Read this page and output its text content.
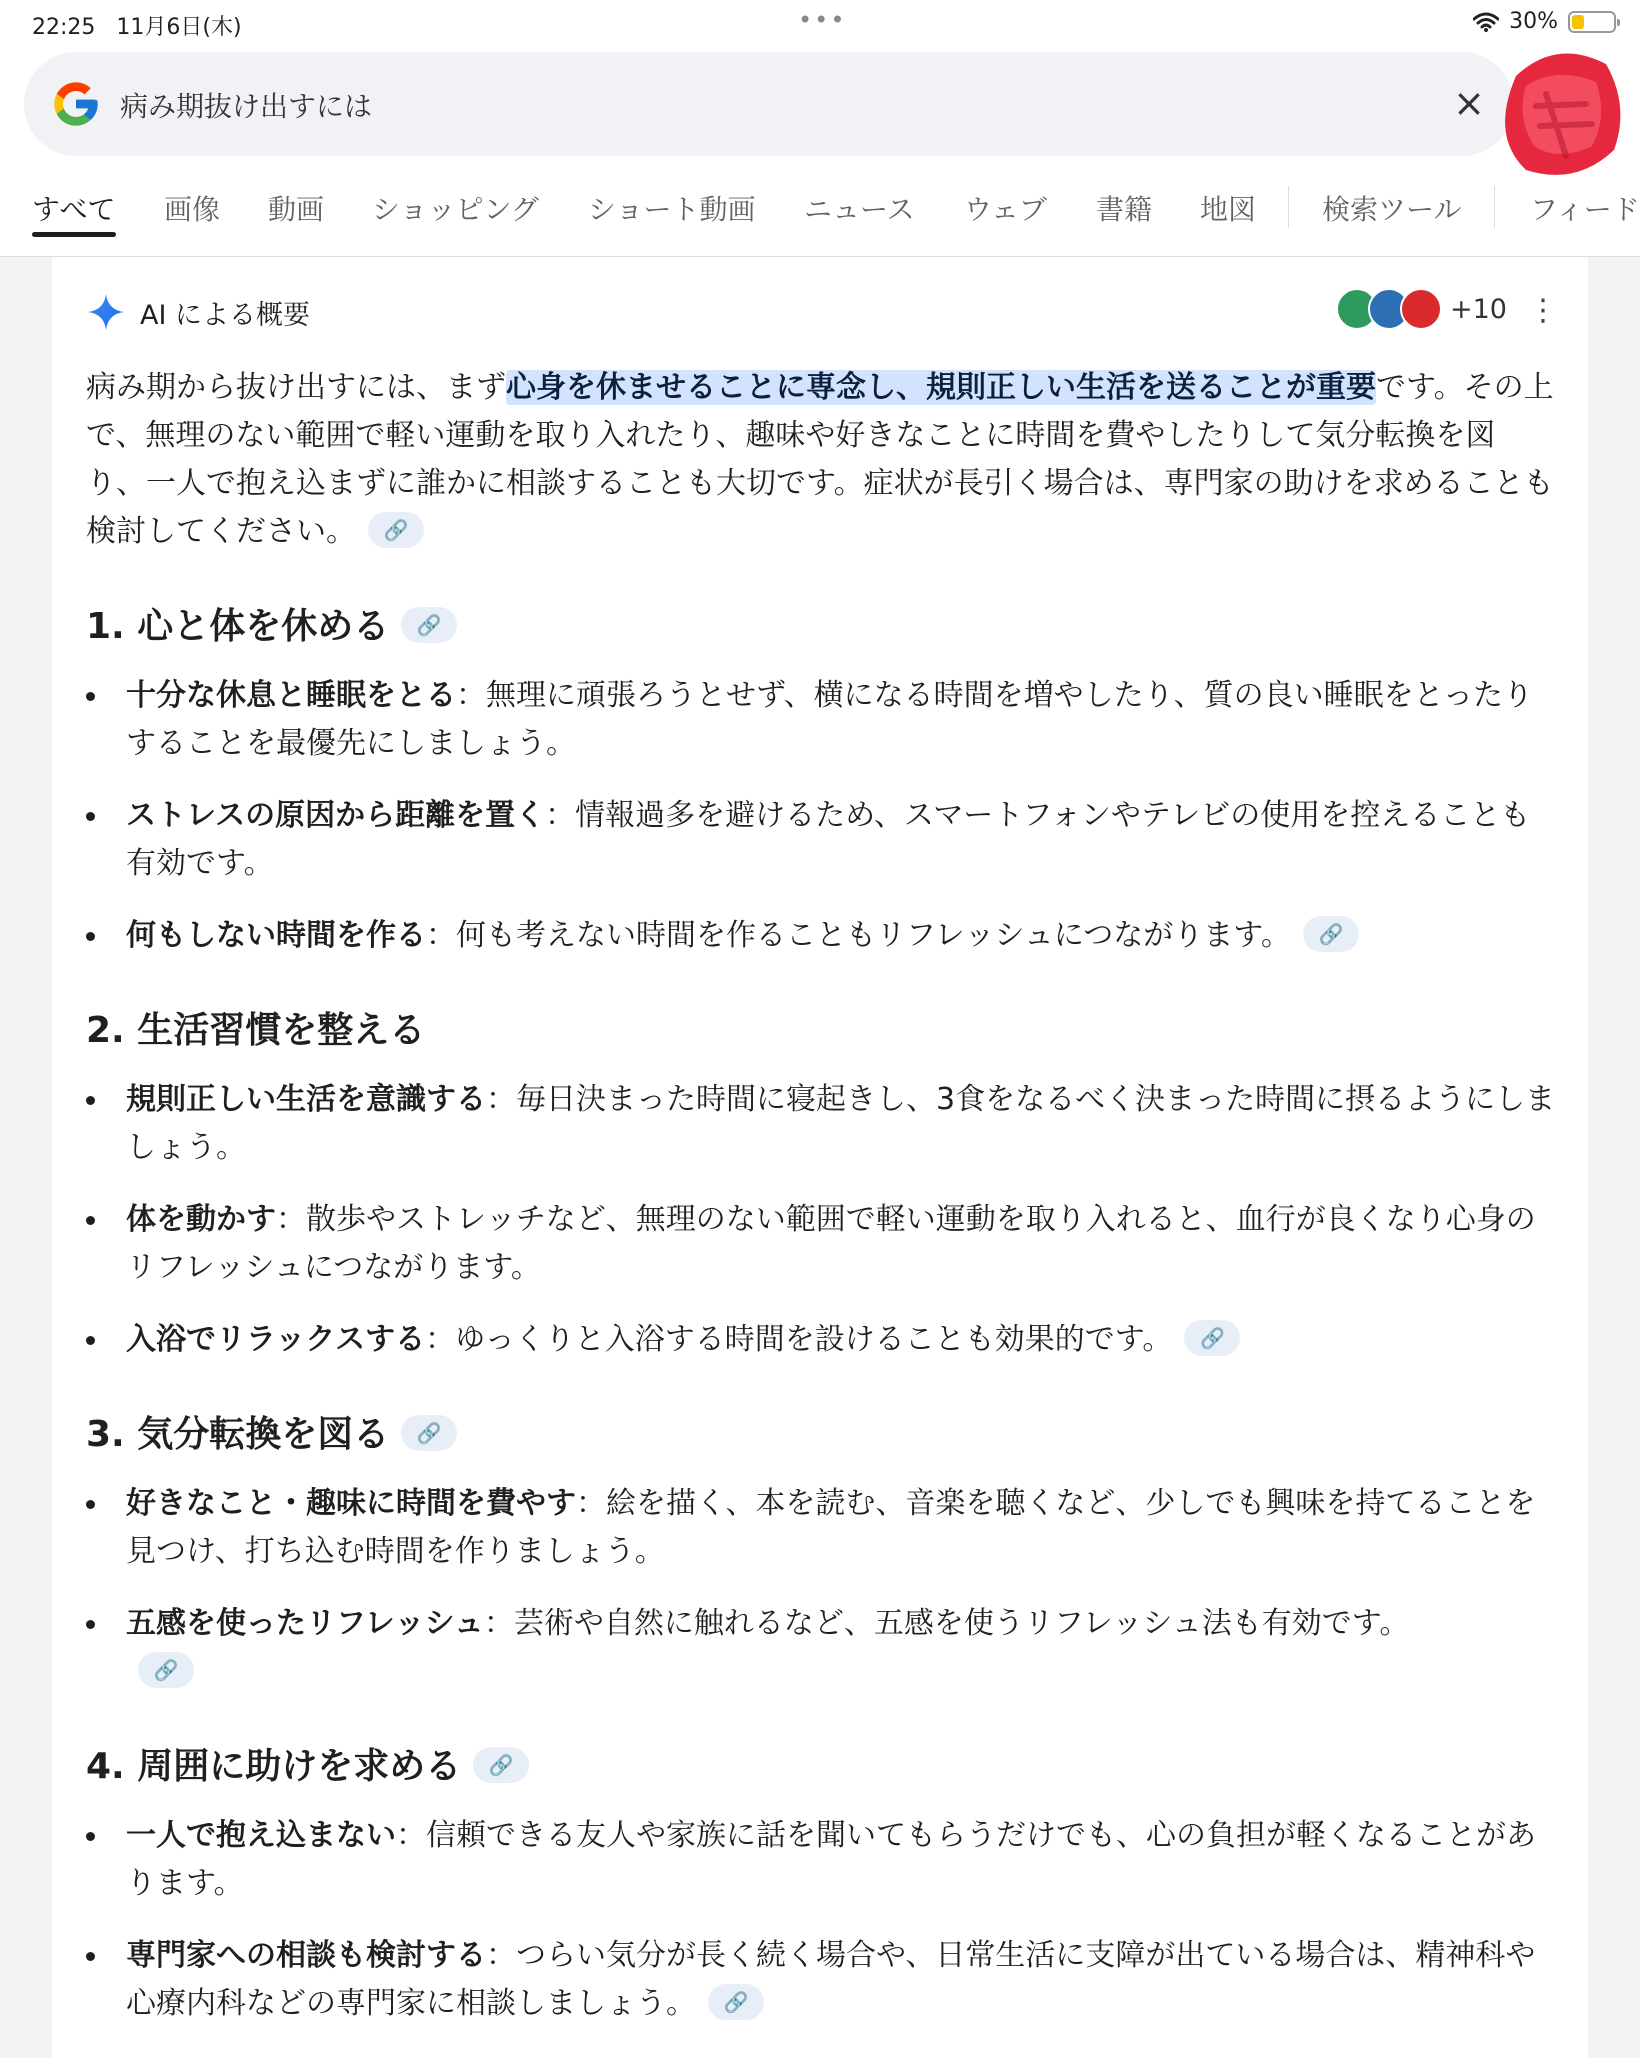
22:25 11月6日(木)	•••	30%
病み期抜け出すには	×
すべて 画像 動画 ショッピング ショート動画 ニュース ウェブ 書籍 地図 検索ツール フィード
AI による概要	+10 ⋮
病み期から抜け出すには、まず心身を休ませることに専念し、規則正しい生活を送ることが重要です。その上で、無理のない範囲で軽い運動を取り入れたり、趣味や好きなことに時間を費やしたりして気分転換を図り、一人で抱え込まずに誰かに相談することも大切です。症状が長引く場合は、専門家の助けを求めることも検討してください。 🔗
1. 心と体を休める 🔗
十分な休息と睡眠をとる：無理に頑張ろうとせず、横になる時間を増やしたり、質の良い睡眠をとったりすることを最優先にしましょう。
ストレスの原因から距離を置く：情報過多を避けるため、スマートフォンやテレビの使用を控えることも有効です。
何もしない時間を作る：何も考えない時間を作ることもリフレッシュにつながります。 🔗
2. 生活習慣を整える
規則正しい生活を意識する：毎日決まった時間に寝起きし、3食をなるべく決まった時間に摂るようにしましょう。
体を動かす：散歩やストレッチなど、無理のない範囲で軽い運動を取り入れると、血行が良くなり心身のリフレッシュにつながります。
入浴でリラックスする：ゆっくりと入浴する時間を設けることも効果的です。 🔗
3. 気分転換を図る 🔗
好きなこと・趣味に時間を費やす：絵を描く、本を読む、音楽を聴くなど、少しでも興味を持てることを見つけ、打ち込む時間を作りましょう。
五感を使ったリフレッシュ：芸術や自然に触れるなど、五感を使うリフレッシュ法も有効です。🔗
4. 周囲に助けを求める 🔗
一人で抱え込まない：信頼できる友人や家族に話を聞いてもらうだけでも、心の負担が軽くなることがあります。
専門家への相談も検討する：つらい気分が長く続く場合や、日常生活に支障が出ている場合は、精神科や心療内科などの専門家に相談しましょう。 🔗
